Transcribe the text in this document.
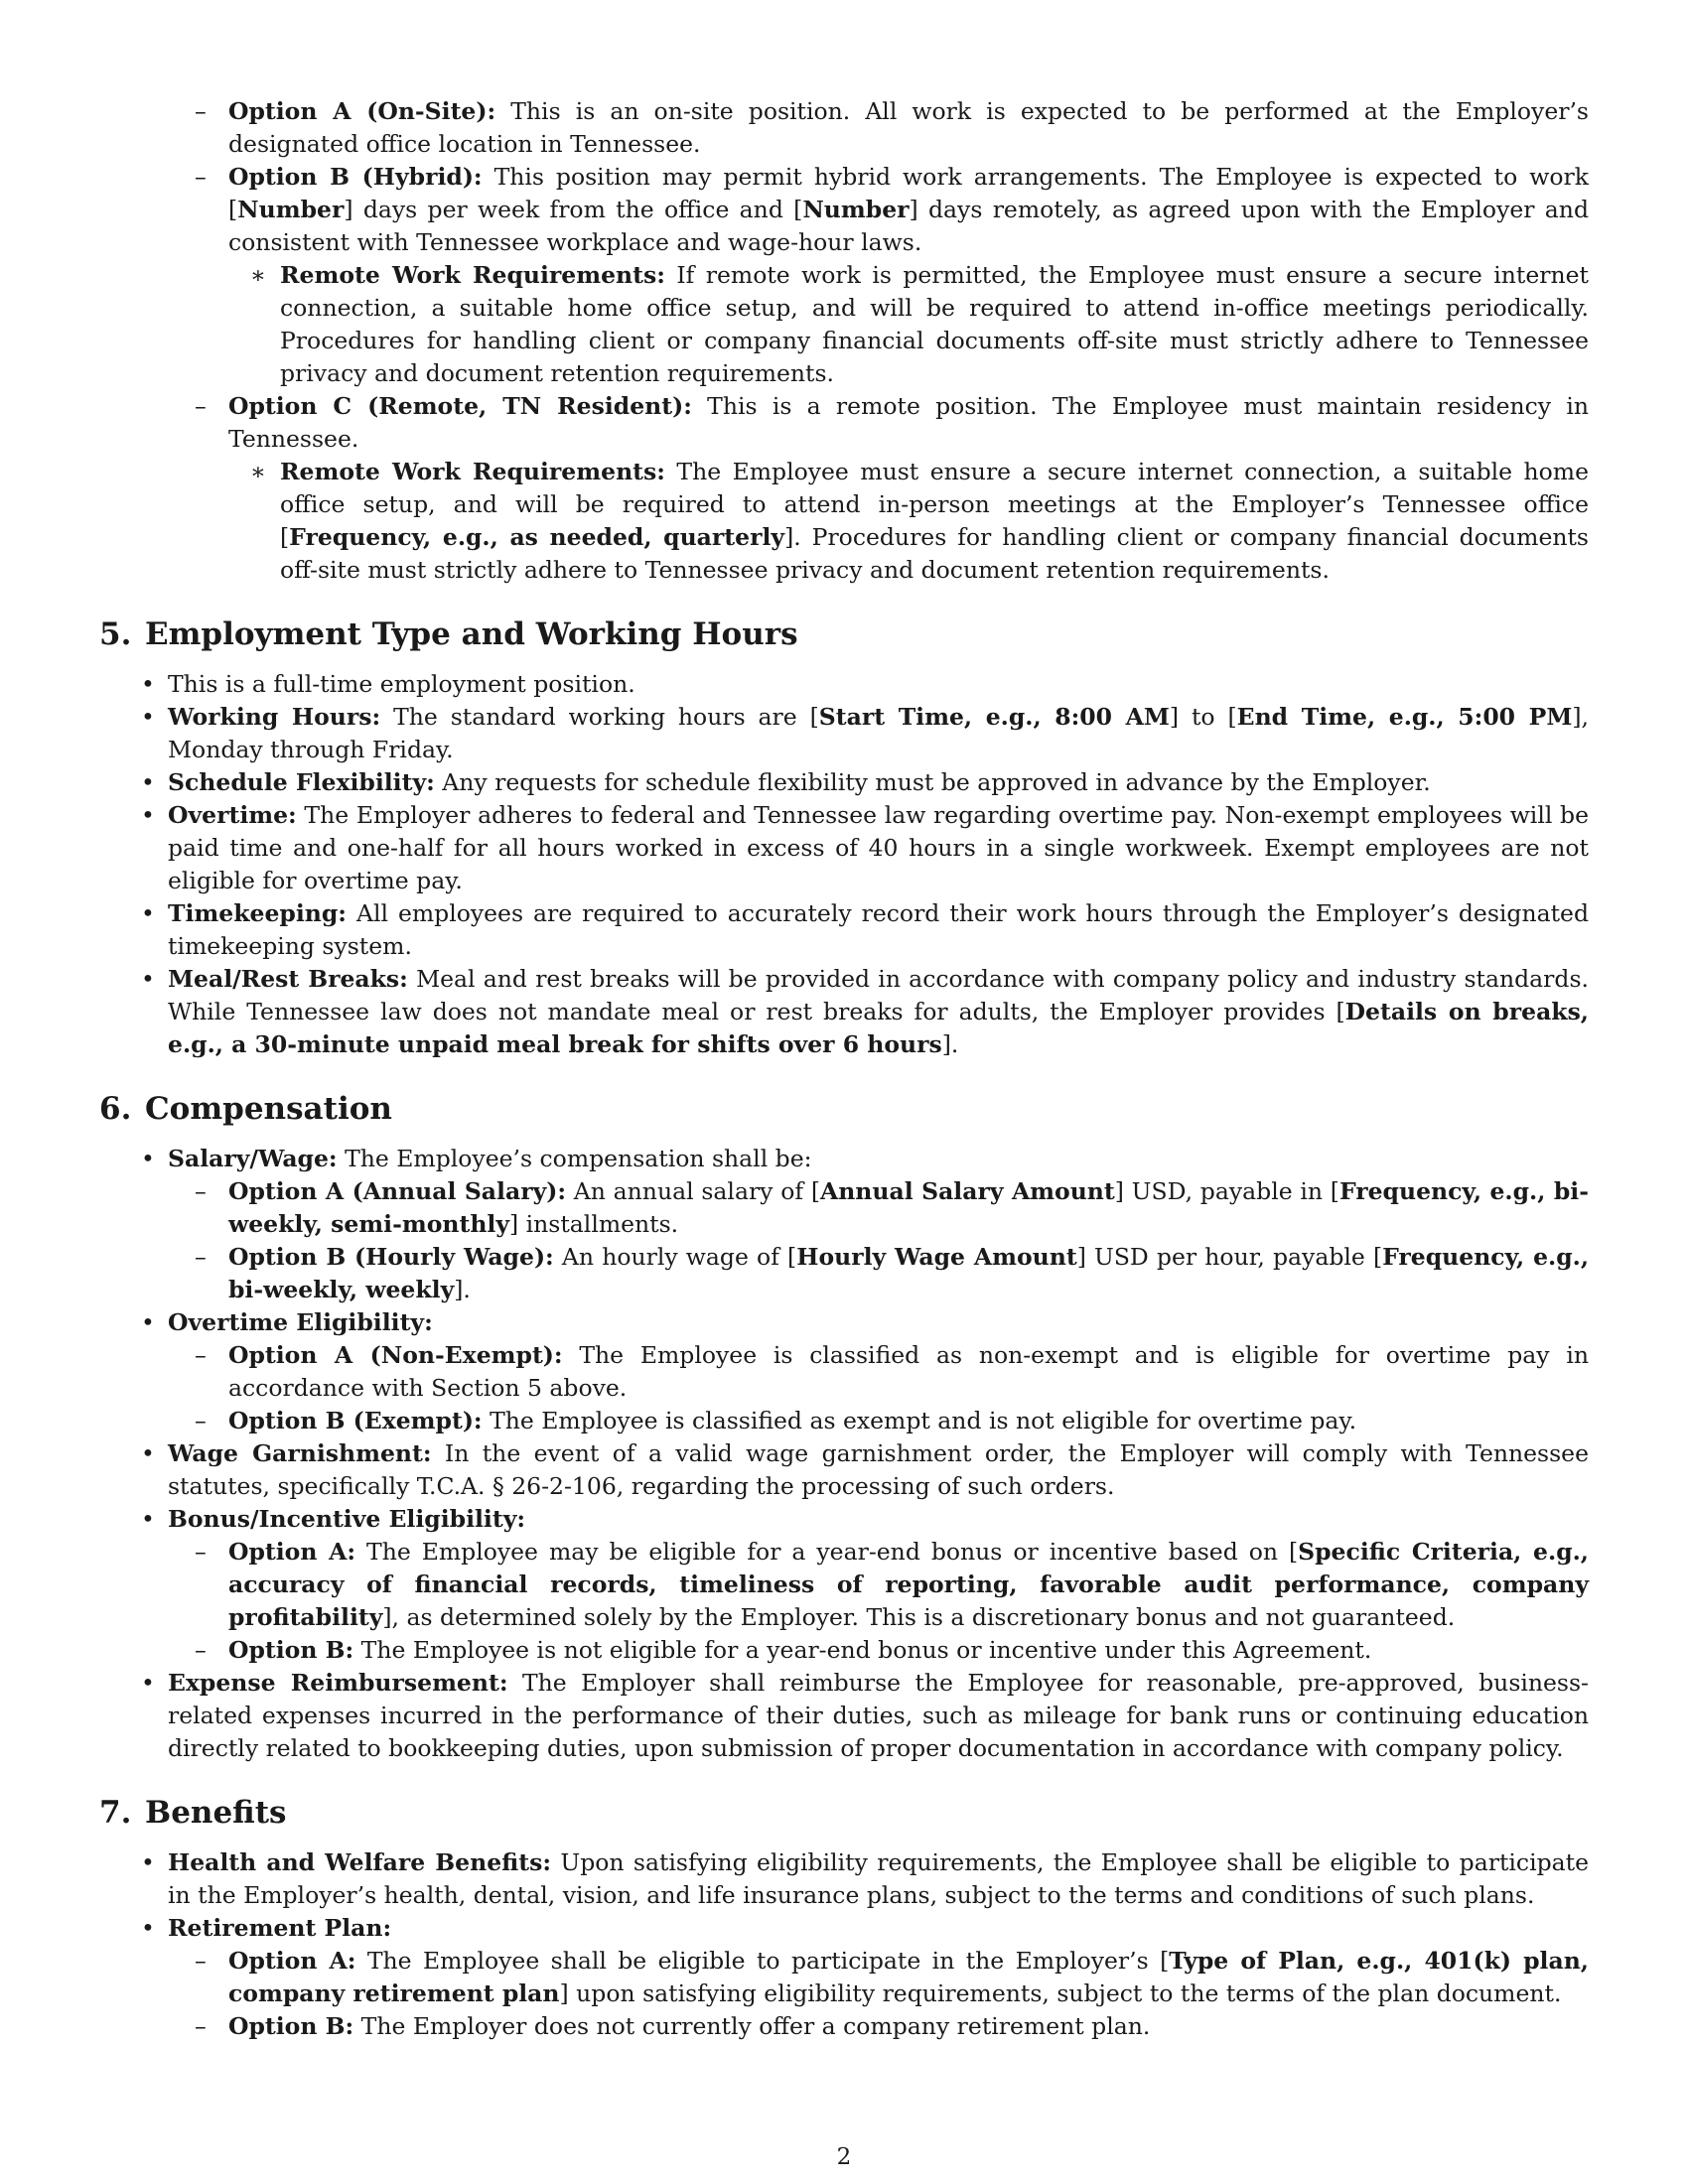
– Option A (On-Site): This is an on-site position. All work is expected to be performed at the Employer’s designated office location in Tennessee.
– Option B (Hybrid): This position may permit hybrid work arrangements. The Employee is expected to work [Number] days per week from the office and [Number] days remotely, as agreed upon with the Employer and consistent with Tennessee workplace and wage-hour laws.
∗ Remote Work Requirements: If remote work is permitted, the Employee must ensure a secure internet connection, a suitable home office setup, and will be required to attend in-office meetings periodically. Procedures for handling client or company financial documents off-site must strictly adhere to Tennessee privacy and document retention requirements.
– Option C (Remote, TN Resident): This is a remote position. The Employee must maintain residency in Tennessee.
∗ Remote Work Requirements: The Employee must ensure a secure internet connection, a suitable home office setup, and will be required to attend in-person meetings at the Employer’s Tennessee office [Frequency, e.g., as needed, quarterly]. Procedures for handling client or company financial documents off-site must strictly adhere to Tennessee privacy and document retention requirements.
5. Employment Type and Working Hours
• This is a full-time employment position.
• Working Hours: The standard working hours are [Start Time, e.g., 8:00 AM] to [End Time, e.g., 5:00 PM], Monday through Friday.
• Schedule Flexibility: Any requests for schedule flexibility must be approved in advance by the Employer.
• Overtime: The Employer adheres to federal and Tennessee law regarding overtime pay. Non-exempt employees will be paid time and one-half for all hours worked in excess of 40 hours in a single workweek. Exempt employees are not eligible for overtime pay.
• Timekeeping: All employees are required to accurately record their work hours through the Employer’s designated timekeeping system.
• Meal/Rest Breaks: Meal and rest breaks will be provided in accordance with company policy and industry standards. While Tennessee law does not mandate meal or rest breaks for adults, the Employer provides [Details on breaks, e.g., a 30-minute unpaid meal break for shifts over 6 hours].
6. Compensation
• Salary/Wage: The Employee’s compensation shall be:
– Option A (Annual Salary): An annual salary of [Annual Salary Amount] USD, payable in [Frequency, e.g., bi-weekly, semi-monthly] installments.
– Option B (Hourly Wage): An hourly wage of [Hourly Wage Amount] USD per hour, payable [Frequency, e.g., bi-weekly, weekly].
• Overtime Eligibility:
– Option A (Non-Exempt): The Employee is classified as non-exempt and is eligible for overtime pay in accordance with Section 5 above.
– Option B (Exempt): The Employee is classified as exempt and is not eligible for overtime pay.
• Wage Garnishment: In the event of a valid wage garnishment order, the Employer will comply with Tennessee statutes, specifically T.C.A. § 26-2-106, regarding the processing of such orders.
• Bonus/Incentive Eligibility:
– Option A: The Employee may be eligible for a year-end bonus or incentive based on [Specific Criteria, e.g., accuracy of financial records, timeliness of reporting, favorable audit performance, company profitability], as determined solely by the Employer. This is a discretionary bonus and not guaranteed.
– Option B: The Employee is not eligible for a year-end bonus or incentive under this Agreement.
• Expense Reimbursement: The Employer shall reimburse the Employee for reasonable, pre-approved, business-related expenses incurred in the performance of their duties, such as mileage for bank runs or continuing education directly related to bookkeeping duties, upon submission of proper documentation in accordance with company policy.
7. Benefits
• Health and Welfare Benefits: Upon satisfying eligibility requirements, the Employee shall be eligible to participate in the Employer’s health, dental, vision, and life insurance plans, subject to the terms and conditions of such plans.
• Retirement Plan:
– Option A: The Employee shall be eligible to participate in the Employer’s [Type of Plan, e.g., 401(k) plan, company retirement plan] upon satisfying eligibility requirements, subject to the terms of the plan document.
– Option B: The Employer does not currently offer a company retirement plan.
2
